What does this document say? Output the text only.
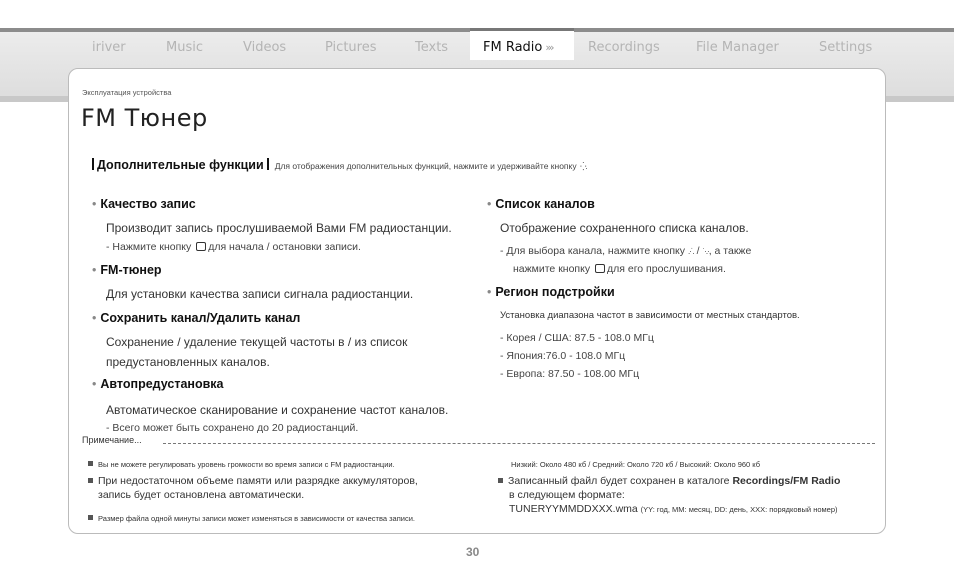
iriver	Music	Videos	Pictures	Texts	FM Radio »›	Recordings	File Manager	Settings
Эксплуатация устройства
FM Тюнер
Дополнительные функции Для отображения дополнительных функций, нажмите и удерживайте кнопку ⁛.
• Качество запис
Производит запись прослушиваемой Вами FM радиостанции.
- Нажмите кнопку для начала / остановки записи.
• FM-тюнер
Для установки качества записи сигнала радиостанции.
• Сохранить канал/Удалить канал
Сохранение / удаление текущей частоты в / из список
предустановленных каналов.
• Автопредустановка
Автоматическое сканирование и сохранение частот каналов.
- Всего может быть сохранено до 20 радиостанций.
• Список каналов
Отображение сохраненного списка каналов.
- Для выбора канала, нажмите кнопку .·˙. / ˙·.·, а также
нажмите кнопку для его прослушивания.
• Регион подстройки
Установка диапазона частот в зависимости от местных стандартов.
- Корея / США: 87.5 - 108.0 МГц
- Япония:76.0 - 108.0 МГц
- Европа: 87.50 - 108.00 МГц
Примечание...
Вы не можете регулировать уровень громкости во время записи с FM радиостанции.
При недостаточном объеме памяти или разрядке аккумуляторов,
запись будет остановлена автоматически.
Размер файла одной минуты записи может изменяться в зависимости от качества записи.
Низкий: Около 480 кб / Средний: Около 720 кб / Высокий: Около 960 кб
Записанный файл будет сохранен в каталоге Recordings/FM Radio
в следующем формате:
TUNERYYMMDDXXX.wma (YY: год, MM: месяц, DD: день, XXX: порядковый номер)
30
